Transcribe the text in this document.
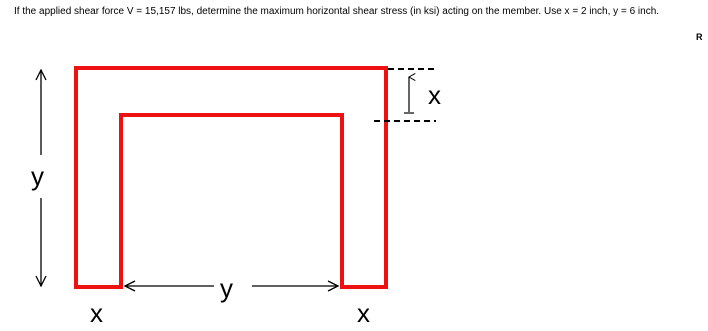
If the applied shear force V = 15,157 lbs, determine the maximum horizontal shear stress (in ksi) acting on the member. Use x = 2 inch, y = 6 inch.
R
y
y
x	x
x
